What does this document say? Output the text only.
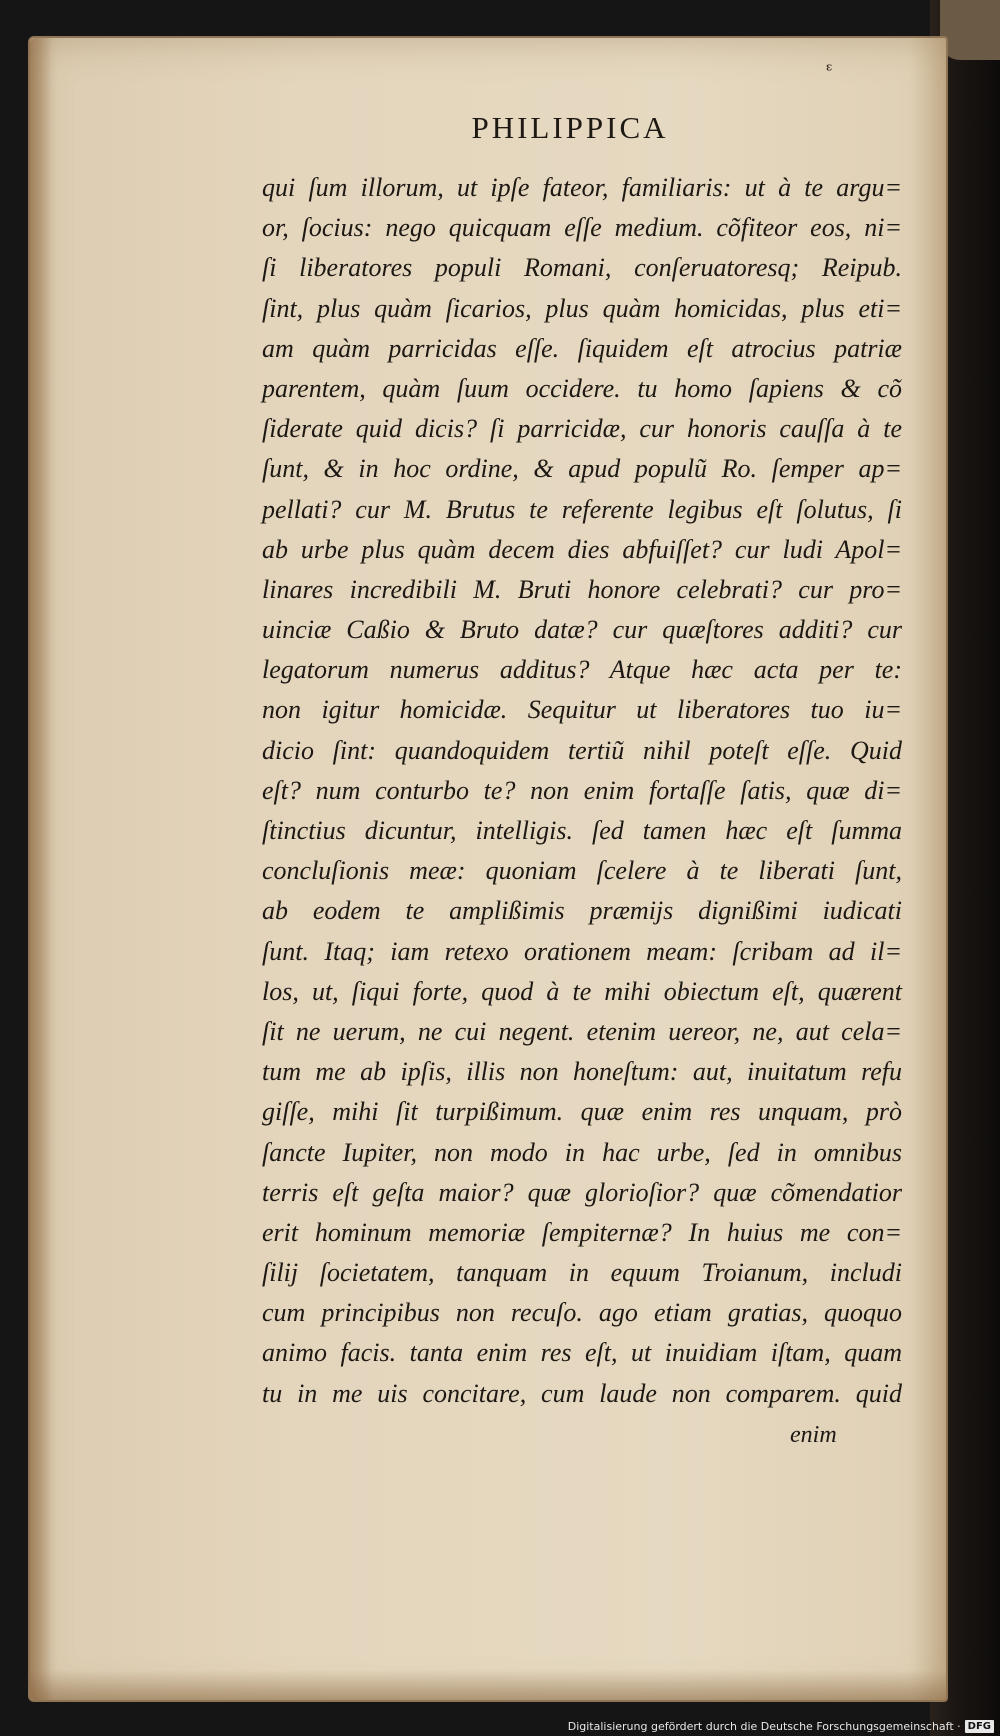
ᵋ
PHILIPPICA
qui ſum illorum, ut ipſe fateor, familiaris: ut à te argu=
or, ſocius: nego quicquam eſſe medium. cõfiteor eos, ni=
ſi liberatores populi Romani, conſeruatoresq; Reipub.
ſint, plus quàm ſicarios, plus quàm homicidas, plus eti=
am quàm parricidas eſſe. ſiquidem eſt atrocius patriæ
parentem, quàm ſuum occidere. tu homo ſapiens & cõ
ſiderate quid dicis? ſi parricidæ, cur honoris cauſſa à te
ſunt, & in hoc ordine, & apud populũ Ro. ſemper ap=
pellati? cur M. Brutus te referente legibus eſt ſolutus, ſi
ab urbe plus quàm decem dies abfuiſſet? cur ludi Apol=
linares incredibili M. Bruti honore celebrati? cur pro=
uinciæ Caßio & Bruto datæ? cur quæſtores additi? cur
legatorum numerus additus? Atque hæc acta per te:
non igitur homicidæ. Sequitur ut liberatores tuo iu=
dicio ſint: quandoquidem tertiũ nihil poteſt eſſe. Quid
eſt? num conturbo te? non enim fortaſſe ſatis, quæ di=
ſtinctius dicuntur, intelligis. ſed tamen hæc eſt ſumma
concluſionis meæ: quoniam ſcelere à te liberati ſunt,
ab eodem te amplißimis præmijs dignißimi iudicati
ſunt. Itaq; iam retexo orationem meam: ſcribam ad il=
los, ut, ſiqui forte, quod à te mihi obiectum eſt, quærent
ſit ne uerum, ne cui negent. etenim uereor, ne, aut cela=
tum me ab ipſis, illis non honeſtum: aut, inuitatum refu
giſſe, mihi ſit turpißimum. quæ enim res unquam, prò
ſancte Iupiter, non modo in hac urbe, ſed in omnibus
terris eſt geſta maior? quæ glorioſior? quæ cõmendatior
erit hominum memoriæ ſempiternæ? In huius me con=
ſilij ſocietatem, tanquam in equum Troianum, includi
cum principibus non recuſo. ago etiam gratias, quoquo
animo facis. tanta enim res eſt, ut inuidiam iſtam, quam
tu in me uis concitare, cum laude non comparem. quid
enim
Digitalisierung gefördert durch die Deutsche Forschungsgemeinschaft · DFG
